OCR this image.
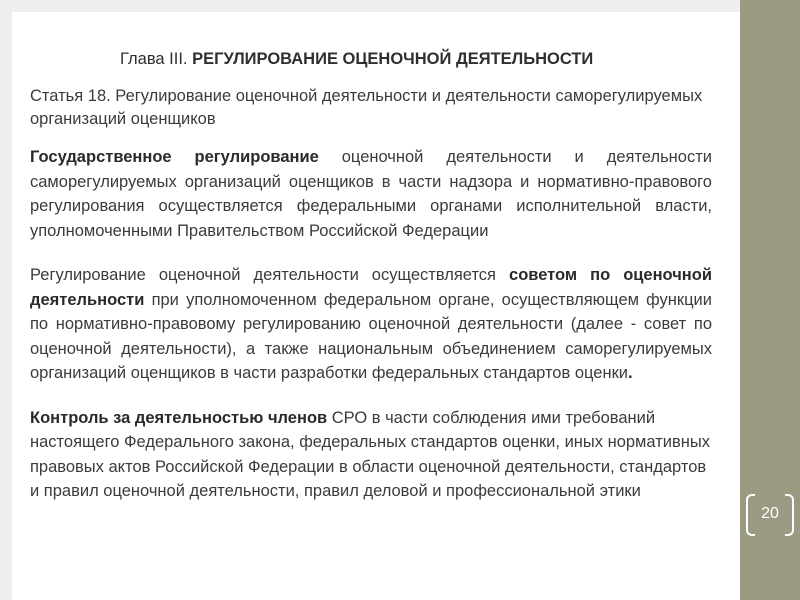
20
Глава III. РЕГУЛИРОВАНИЕ ОЦЕНОЧНОЙ ДЕЯТЕЛЬНОСТИ
Статья 18. Регулирование оценочной деятельности и деятельности саморегулируемых организаций оценщиков

Государственное регулирование оценочной деятельности и деятельности саморегулируемых организаций оценщиков в части надзора и нормативно-правового регулирования осуществляется федеральными органами исполнительной власти, уполномоченными Правительством Российской Федерации

Регулирование оценочной деятельности осуществляется советом по оценочной деятельности при уполномоченном федеральном органе, осуществляющем функции по нормативно-правовому регулированию оценочной деятельности (далее - совет по оценочной деятельности), а также национальным объединением саморегулируемых организаций оценщиков в части разработки федеральных стандартов оценки.

Контроль за деятельностью членов СРО в части соблюдения ими требований настоящего Федерального закона, федеральных стандартов оценки, иных нормативных правовых актов Российской Федерации в области оценочной деятельности, стандартов и правил оценочной деятельности, правил деловой и профессиональной этики
